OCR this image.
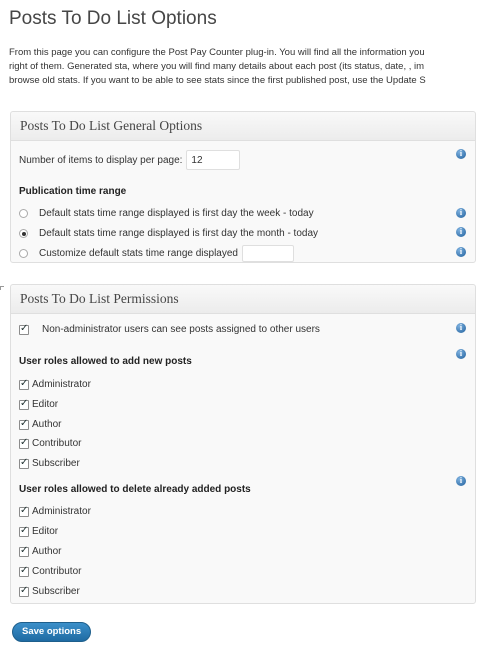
Posts To Do List Options
From this page you can configure the Post Pay Counter plug-in. You will find all the information you
right of them. Generated sta, where you will find many details about each post (its status, date, , im
browse old stats. If you want to be able to see stats since the first published post, use the Update S
Posts To Do List General Options
Number of items to display per page:
12
i
Publication time range
Default stats time range displayed is first day the week - today	i
Default stats time range displayed is first day the month - today	i
Customize default stats time range displayed	i
Posts To Do List Permissions
✓
Non-administrator users can see posts assigned to other users	i
User roles allowed to add new posts
i
✓
Administrator
✓
Editor
✓
Author
✓
Contributor
✓
Subscriber
User roles allowed to delete already added posts
i
✓
Administrator
✓
Editor
✓
Author
✓
Contributor
✓
Subscriber
Save options
